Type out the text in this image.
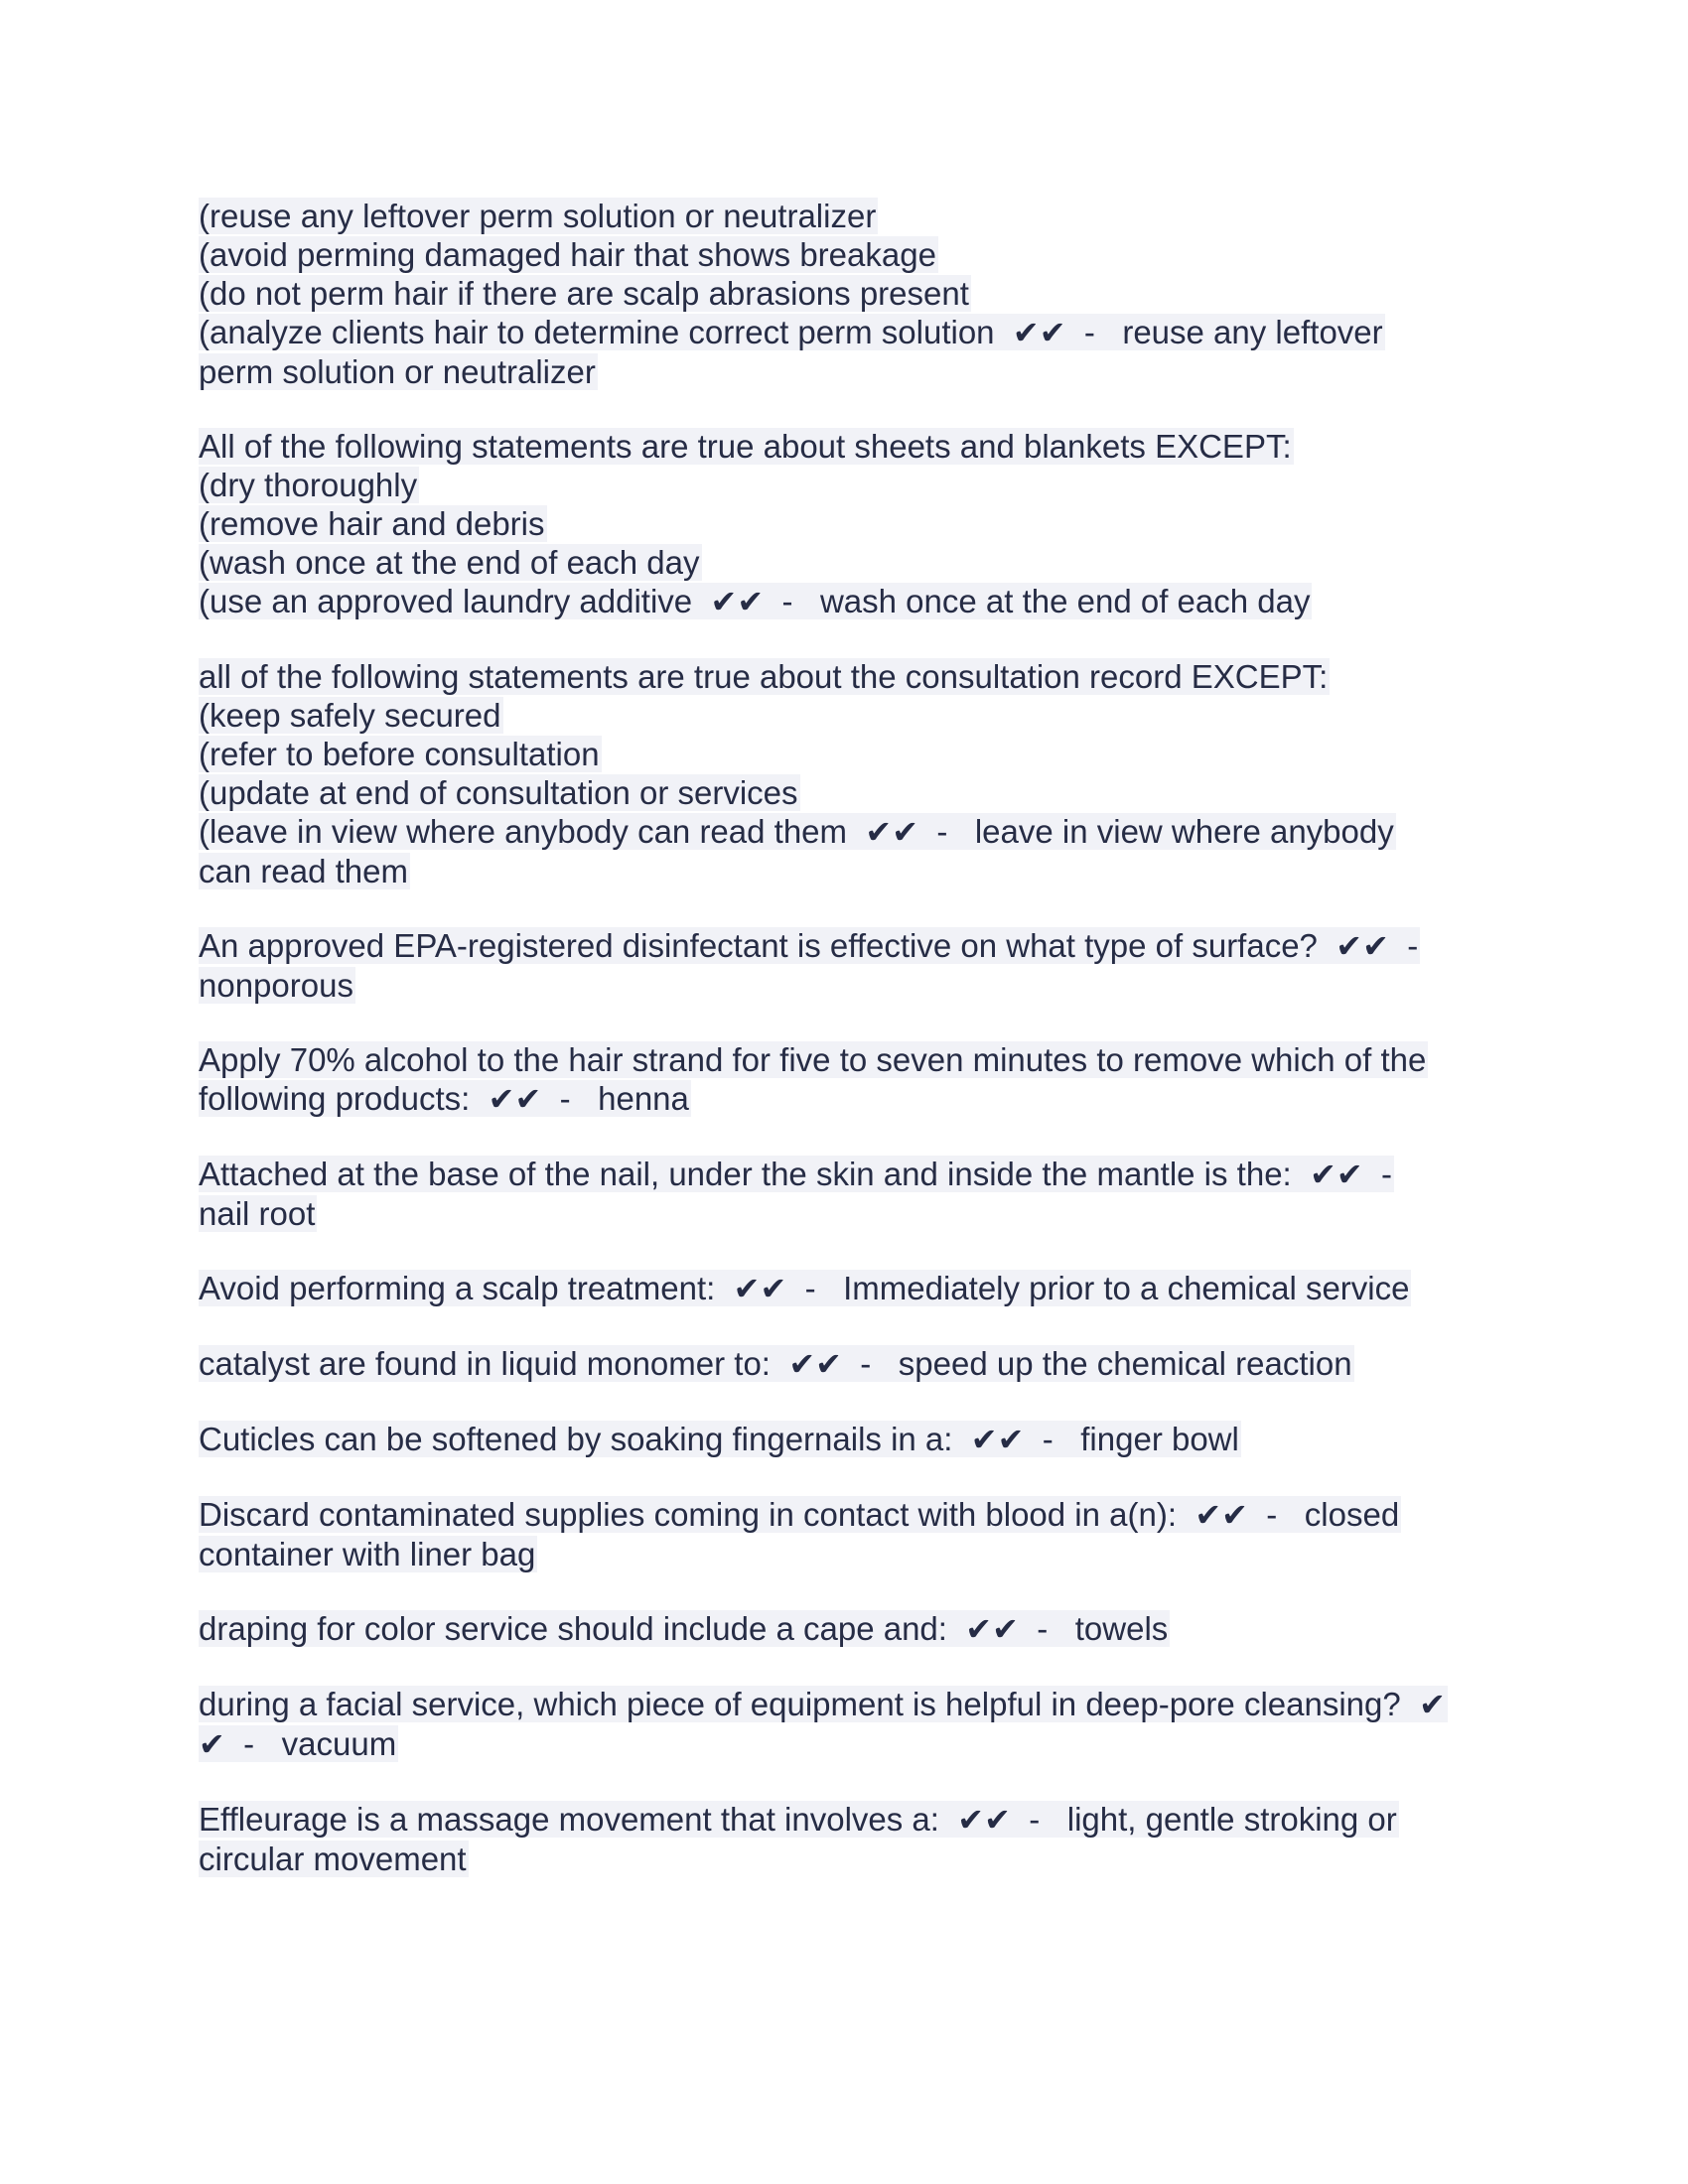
(reuse any leftover perm solution or neutralizer
(avoid perming damaged hair that shows breakage
(do not perm hair if there are scalp abrasions present
(analyze clients hair to determine correct perm solution  ✔✔  -   reuse any leftover
perm solution or neutralizer
All of the following statements are true about sheets and blankets EXCEPT:
(dry thoroughly
(remove hair and debris
(wash once at the end of each day
(use an approved laundry additive  ✔✔  -   wash once at the end of each day
all of the following statements are true about the consultation record EXCEPT:
(keep safely secured
(refer to before consultation
(update at end of consultation or services
(leave in view where anybody can read them  ✔✔  -   leave in view where anybody
can read them
An approved EPA-registered disinfectant is effective on what type of surface?  ✔✔  -
nonporous
Apply 70% alcohol to the hair strand for five to seven minutes to remove which of the
following products:  ✔✔  -   henna
Attached at the base of the nail, under the skin and inside the mantle is the:  ✔✔  -
nail root
Avoid performing a scalp treatment:  ✔✔  -   Immediately prior to a chemical service
catalyst are found in liquid monomer to:  ✔✔  -   speed up the chemical reaction
Cuticles can be softened by soaking fingernails in a:  ✔✔  -   finger bowl
Discard contaminated supplies coming in contact with blood in a(n):  ✔✔  -   closed
container with liner bag
draping for color service should include a cape and:  ✔✔  -   towels
during a facial service, which piece of equipment is helpful in deep-pore cleansing?  ✔
✔  -   vacuum
Effleurage is a massage movement that involves a:  ✔✔  -   light, gentle stroking or
circular movement
